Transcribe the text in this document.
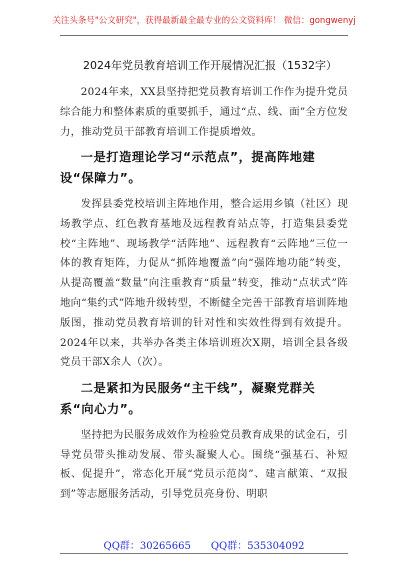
关注头条号"公文研究"，获得最新最全最专业的公文资料库！ 微信：gongwenyj
2024年党员教育培训工作开展情况汇报（1532字）

2024年来，XX县坚持把党员教育培训工作作为提升党员综合能力和整体素质的重要抓手，通过“点、线、面”全方位发力，推动党员干部教育培训工作提质增效。

一是打造理论学习“示范点”，提高阵地建设“保障力”。

发挥县委党校培训主阵地作用，整合运用乡镇（社区）现场教学点、红色教育基地及远程教育站点等，打造集县委党校“主阵地”、现场教学“活阵地”、远程教育“云阵地”三位一体的教育矩阵，力促从“抓阵地覆盖”向“强阵地功能”转变，从提高覆盖“数量”向注重教育“质量”转变，推动“点状式”阵地向“集约式”阵地升级转型，不断健全完善干部教育培训阵地版图，推动党员教育培训的针对性和实效性得到有效提升。2024年以来，共举办各类主体培训班次X期，培训全县各级党员干部X余人（次）。

二是紧扣为民服务“主干线”，凝聚党群关系“向心力”。

坚持把为民服务成效作为检验党员教育成果的试金石，引导党员带头推动发展、带头凝聚人心。围绕“强基石、补短板、促提升”，常态化开展“党员示范岗”、建言献策、“双报到”等志愿服务活动，引导党员亮身份、明职

QQ群：30265665 QQ群：535304092
